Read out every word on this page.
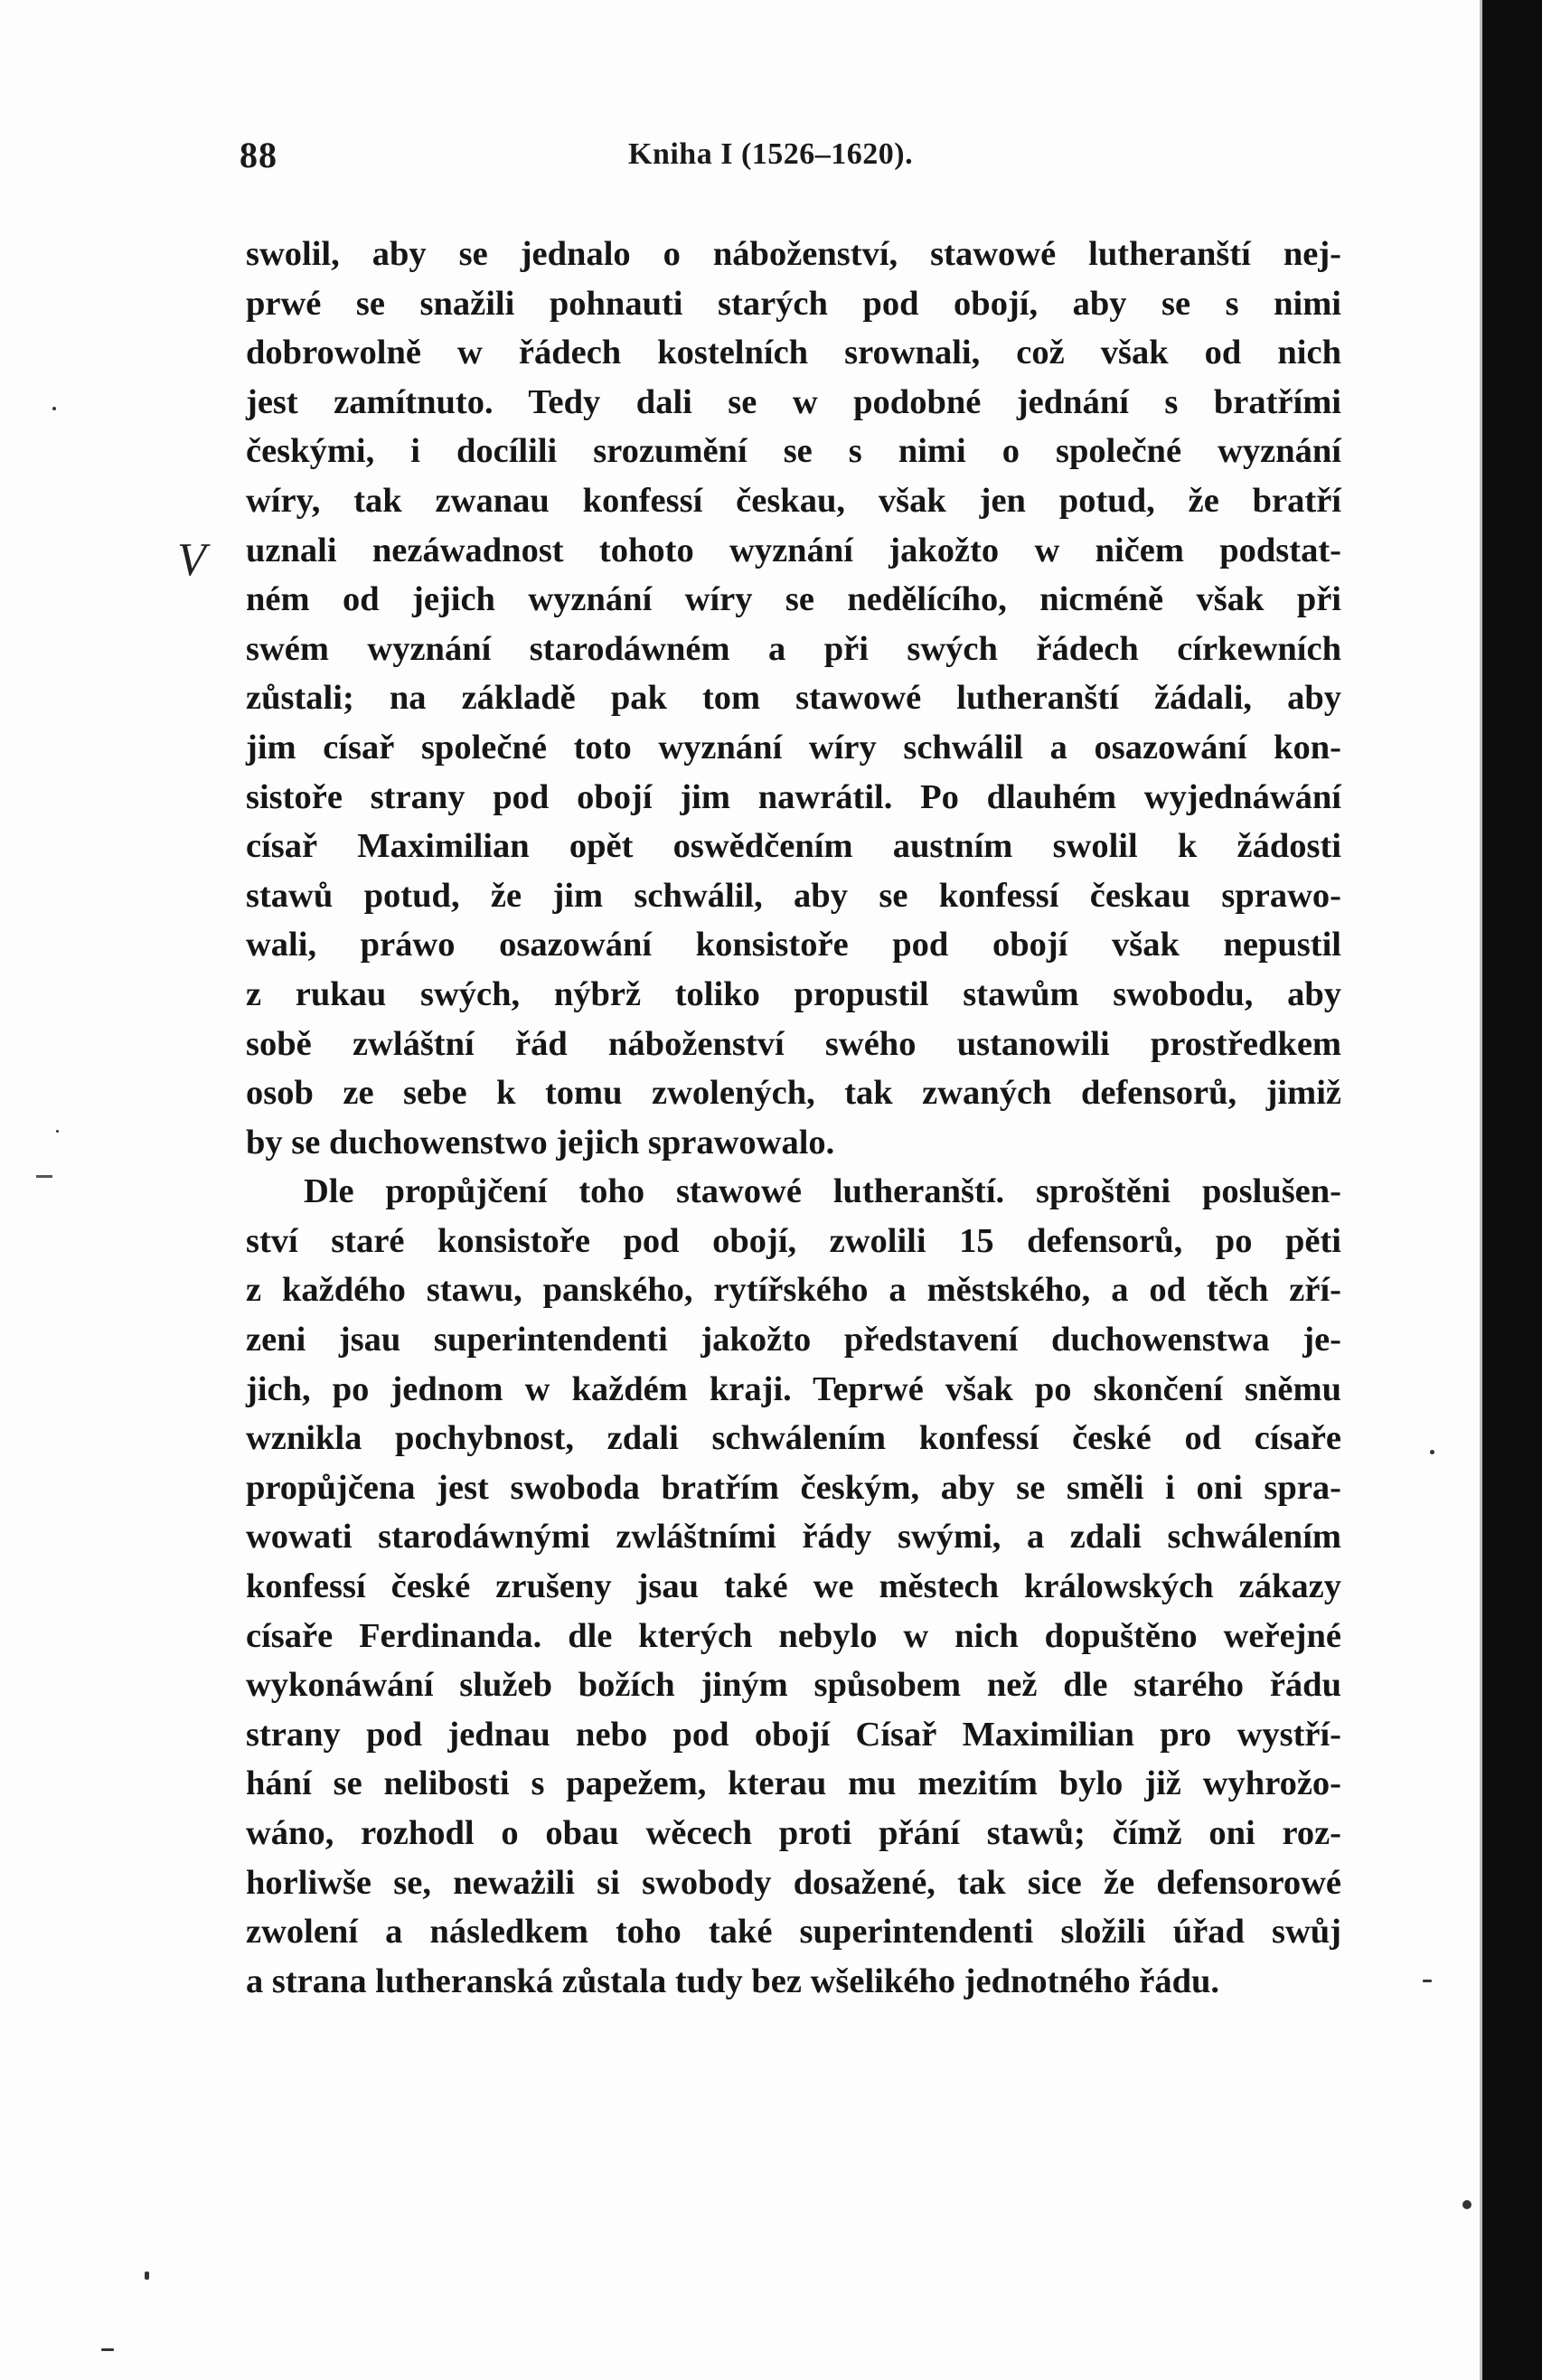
88	Kniha I (1526–1620).
V
swolil, aby se jednalo o náboženství, stawowé lutheranští nej-
prwé se snažili pohnauti starých pod obojí, aby se s nimi
dobrowolně w řádech kostelních srownali, což však od nich
jest zamítnuto. Tedy dali se w podobné jednání s bratřími
českými, i docílili srozumění se s nimi o společné wyznání
wíry, tak zwanau konfessí českau, však jen potud, že bratří
uznali nezáwadnost tohoto wyznání jakožto w ničem podstat-
ném od jejich wyznání wíry se nedělícího, nicméně však při
swém wyznání starodáwném a při swých řádech církewních
zůstali; na základě pak tom stawowé lutheranští žádali, aby
jim císař společné toto wyznání wíry schwálil a osazowání kon-
sistoře strany pod obojí jim nawrátil. Po dlauhém wyjednáwání
císař Maximilian opět oswědčením austním swolil k žádosti
stawů potud, že jim schwálil, aby se konfessí českau sprawo-
wali, práwo osazowání konsistoře pod obojí však nepustil
z rukau swých, nýbrž toliko propustil stawům swobodu, aby
sobě zwláštní řád náboženství swého ustanowili prostředkem
osob ze sebe k tomu zwolených, tak zwaných defensorů, jimiž
by se duchowenstwo jejich sprawowalo.
Dle propůjčení toho stawowé lutheranští. sproštěni poslušen-
ství staré konsistoře pod obojí, zwolili 15 defensorů, po pěti
z každého stawu, panského, rytířského a městského, a od těch zří-
zeni jsau superintendenti jakožto představení duchowenstwa je-
jich, po jednom w každém kraji. Teprwé však po skončení sněmu
wznikla pochybnost, zdali schwálením konfessí české od císaře
propůjčena jest swoboda bratřím českým, aby se směli i oni spra-
wowati starodáwnými zwláštními řády swými, a zdali schwálením
konfessí české zrušeny jsau také we městech králowských zákazy
císaře Ferdinanda. dle kterých nebylo w nich dopuštěno weřejné
wykonáwání služeb božích jiným spůsobem než dle starého řádu
strany pod jednau nebo pod obojí Císař Maximilian pro wystří-
hání se nelibosti s papežem, kterau mu mezitím bylo již wyhrožo-
wáno, rozhodl o obau wěcech proti přání stawů; čímž oni roz-
horliwše se, neważili si swobody dosažené, tak sice že defensorowé
zwolení a následkem toho také superintendenti složili úřad swůj
a strana lutheranská zůstala tudy bez wšelikého jednotného řádu.
